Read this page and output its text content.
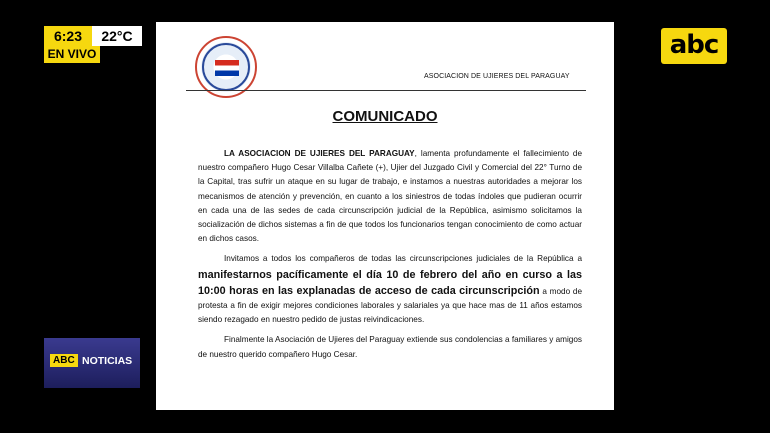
6:23	22°C
EN VIVO	abc
ASOCIACION DE UJIERES DEL PARAGUAY
COMUNICADO

LA ASOCIACION DE UJIERES DEL PARAGUAY, lamenta profundamente el fallecimiento de nuestro compañero Hugo Cesar Villalba Cañete (+), Ujier del Juzgado Civil y Comercial del 22° Turno de la Capital, tras sufrir un ataque en su lugar de trabajo, e instamos a nuestras autoridades a mejorar los mecanismos de atención y prevención, en cuanto a los siniestros de todas índoles que pudieran ocurrir en cada una de las sedes de cada circunscripción judicial de la República, asimismo solicitamos la socialización de dichos sistemas a fin de que todos los funcionarios tengan conocimiento de como actuar en dichos casos.

Invitamos a todos los compañeros de todas las circunscripciones judiciales de la República a manifestarnos pacíficamente el día 10 de febrero del año en curso a las 10:00 horas en las explanadas de acceso de cada circunscripción a modo de protesta a fin de exigir mejores condiciones laborales y salariales ya que hace mas de 11 años estamos siendo rezagado en nuestro pedido de justas reivindicaciones.

Finalmente la Asociación de Ujieres del Paraguay extiende sus condolencias a familiares y amigos de nuestro querido compañero Hugo Cesar.

ABC NOTICIAS
